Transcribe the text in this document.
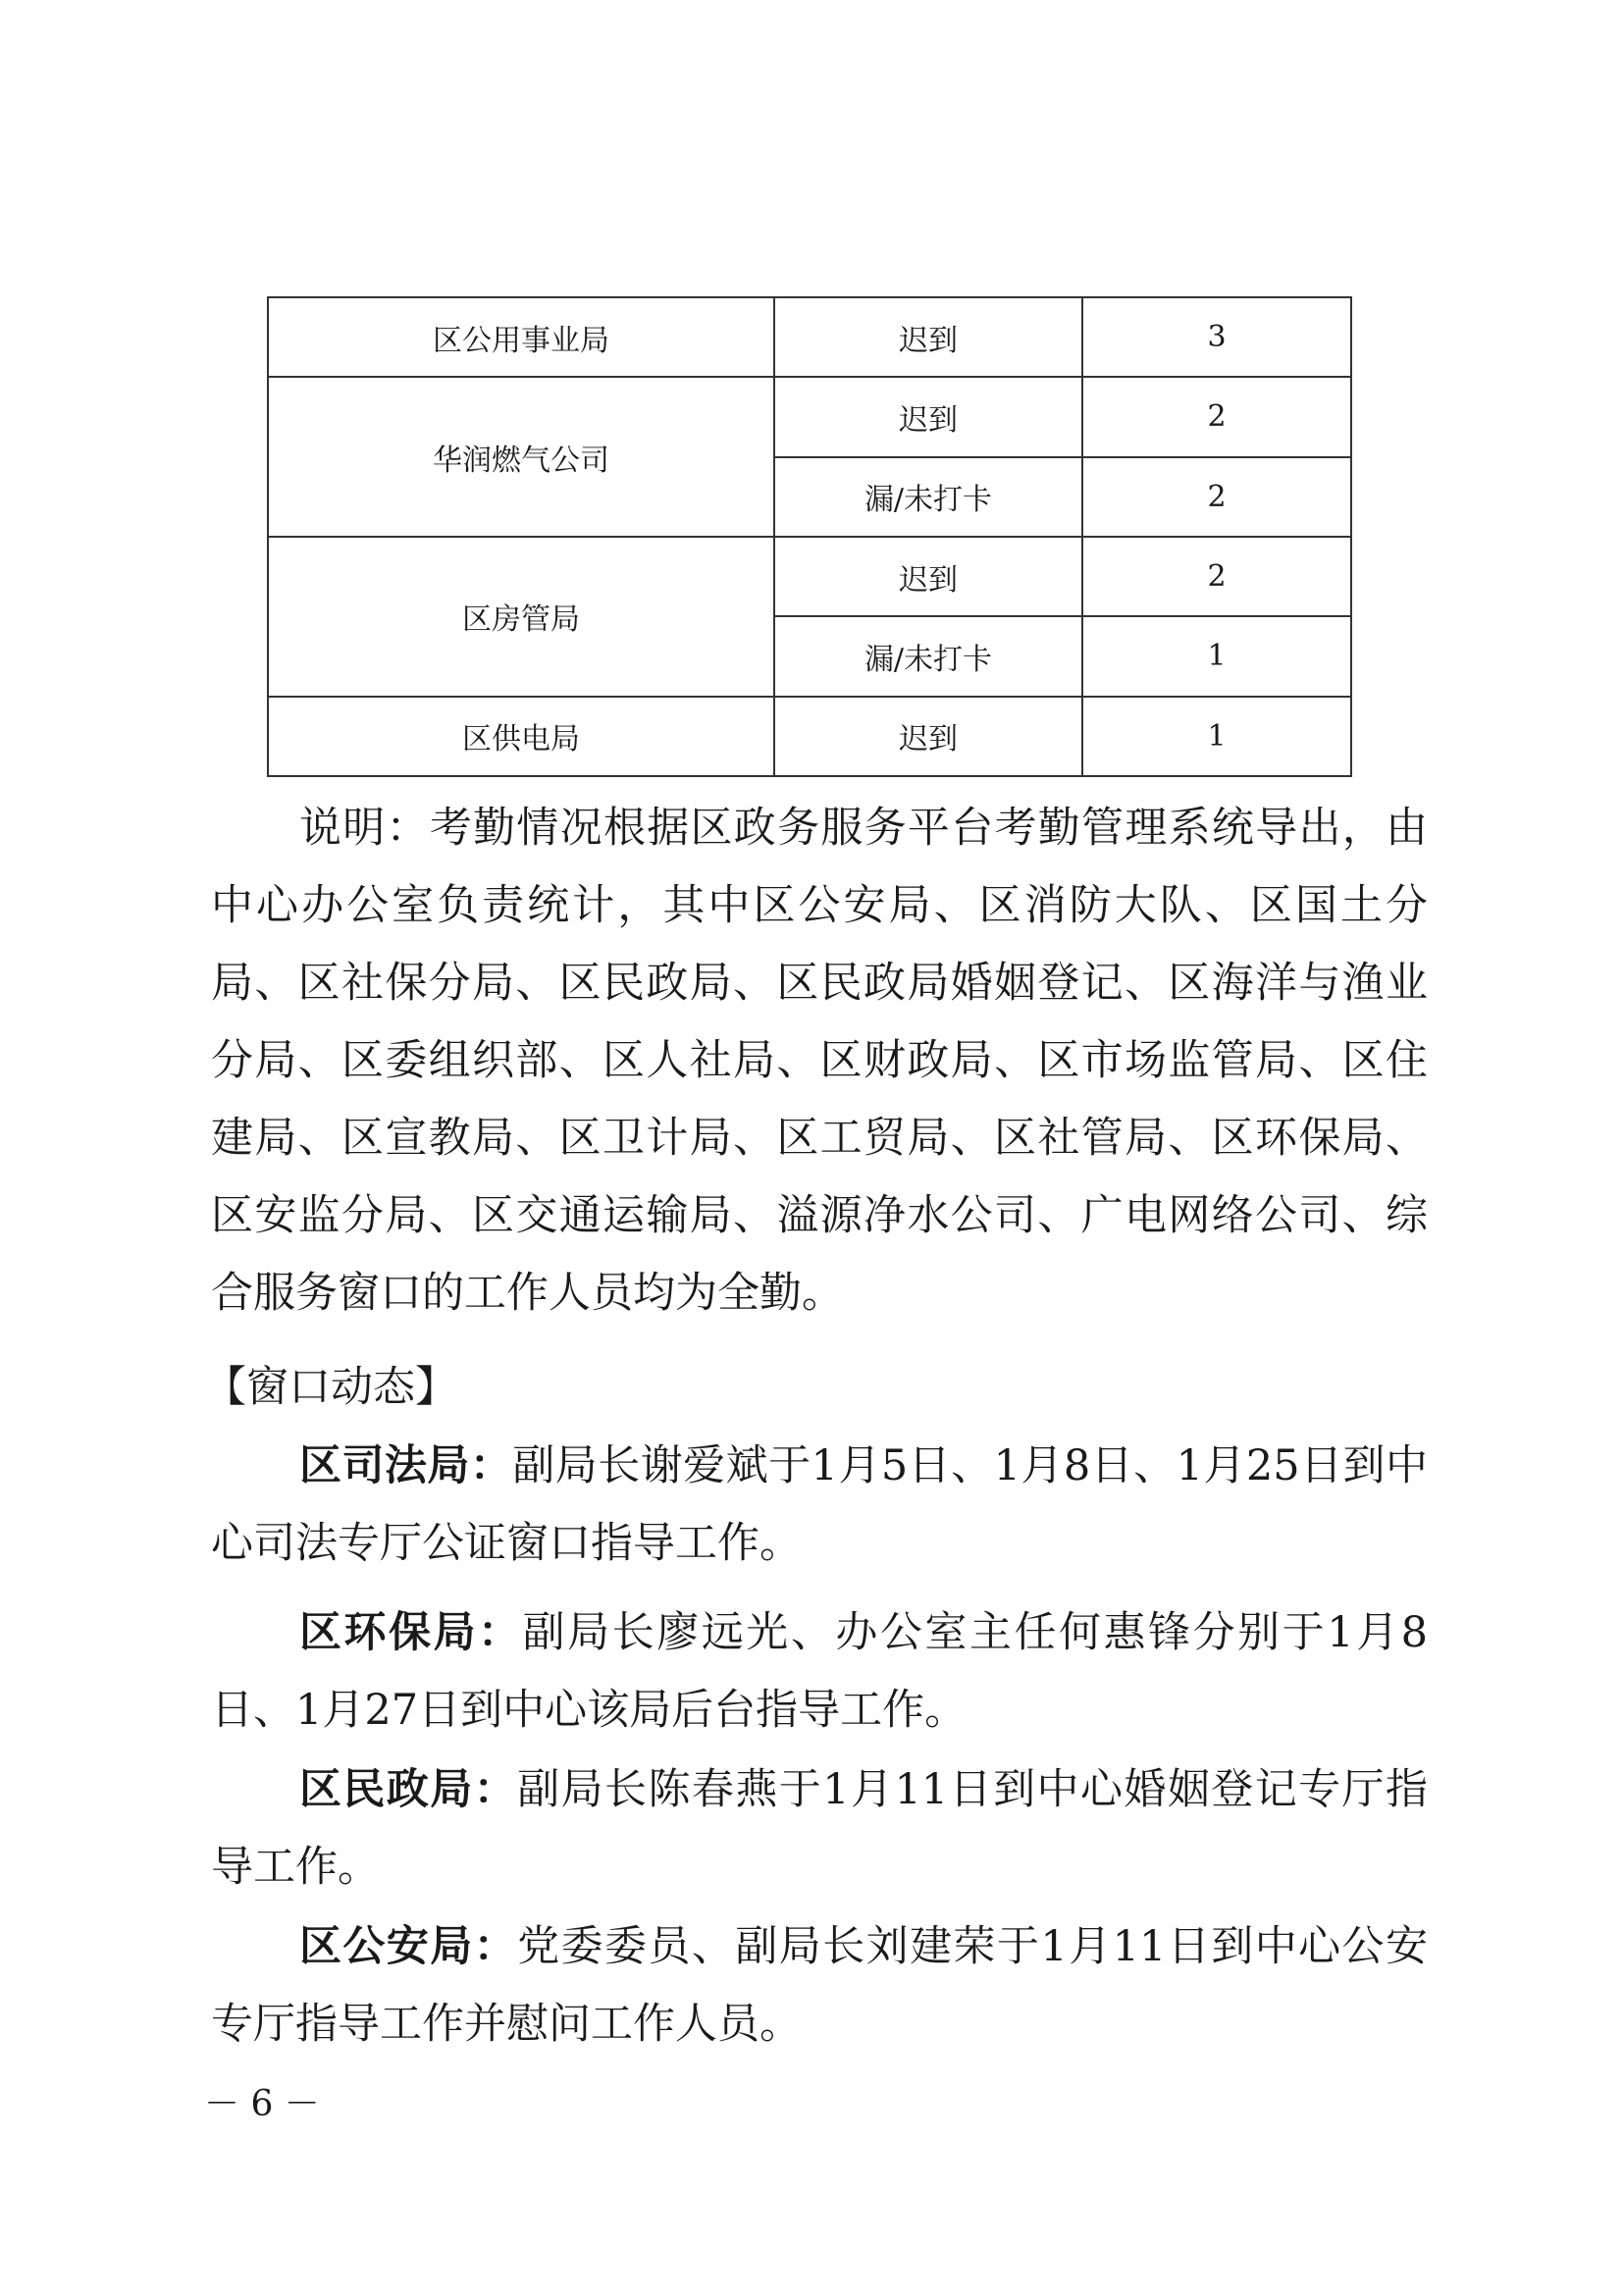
区公用事业局	迟到	3
华润燃气公司	迟到	2
	漏/未打卡	2
区房管局	迟到	2
	漏/未打卡	1
区供电局	迟到	1

说明：考勤情况根据区政务服务平台考勤管理系统导出，由中心办公室负责统计，其中区公安局、区消防大队、区国土分局、区社保分局、区民政局、区民政局婚姻登记、区海洋与渔业分局、区委组织部、区人社局、区财政局、区市场监管局、区住建局、区宣教局、区卫计局、区工贸局、区社管局、区环保局、区安监分局、区交通运输局、溢源净水公司、广电网络公司、综合服务窗口的工作人员均为全勤。

【窗口动态】

区司法局：副局长谢爱斌于1月5日、1月8日、1月25日到中心司法专厅公证窗口指导工作。

区环保局：副局长廖远光、办公室主任何惠锋分别于1月8日、1月27日到中心该局后台指导工作。

区民政局：副局长陈春燕于1月11日到中心婚姻登记专厅指导工作。

区公安局：党委委员、副局长刘建荣于1月11日到中心公安专厅指导工作并慰问工作人员。

－ 6 －
